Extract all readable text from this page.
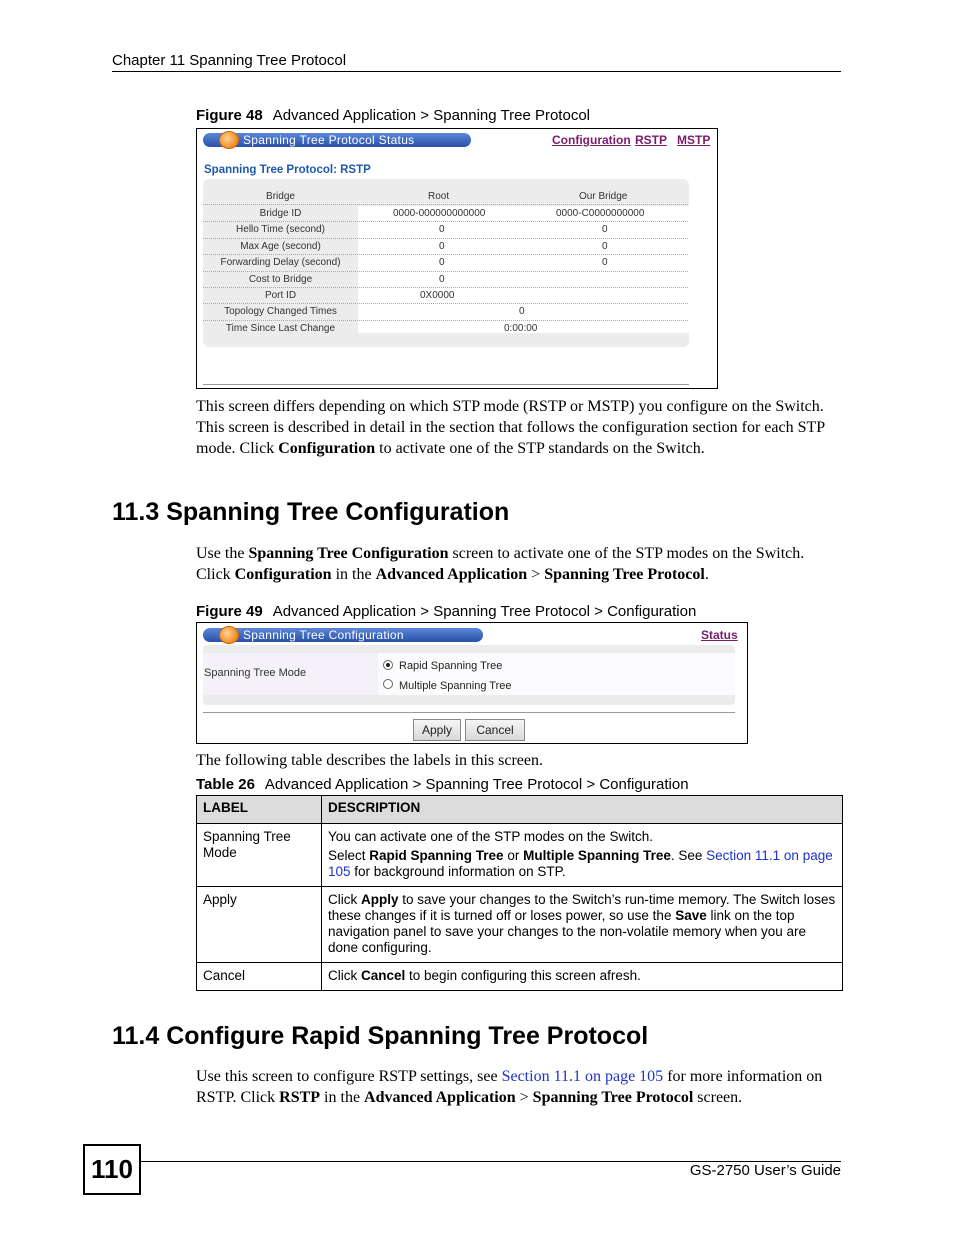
Chapter 11 Spanning Tree Protocol
Figure 48 Advanced Application > Spanning Tree Protocol
Spanning Tree Protocol Status	Configuration RSTP MSTP
Spanning Tree Protocol: RSTP
Bridge	Root	Our Bridge
Bridge ID	0000-000000000000	0000-C0000000000
Hello Time (second)	0	0
Max Age (second)	0	0
Forwarding Delay (second)	0	0
Cost to Bridge	0
Port ID	0X0000
Topology Changed Times	0
Time Since Last Change	0:00:00
This screen differs depending on which STP mode (RSTP or MSTP) you configure on the Switch. This screen is described in detail in the section that follows the configuration section for each STP mode. Click Configuration to activate one of the STP standards on the Switch.
11.3 Spanning Tree Configuration
Use the Spanning Tree Configuration screen to activate one of the STP modes on the Switch. Click Configuration in the Advanced Application > Spanning Tree Protocol.
Figure 49 Advanced Application > Spanning Tree Protocol > Configuration
Spanning Tree Configuration	Status
Spanning Tree Mode
Rapid Spanning Tree
Multiple Spanning Tree
Apply	Cancel
The following table describes the labels in this screen.
Table 26 Advanced Application > Spanning Tree Protocol > Configuration
LABEL	DESCRIPTION
Spanning Tree Mode	You can activate one of the STP modes on the Switch.

Select Rapid Spanning Tree or Multiple Spanning Tree. See Section 11.1 on page 105 for background information on STP.

Apply	Click Apply to save your changes to the Switch’s run-time memory. The Switch loses these changes if it is turned off or loses power, so use the Save link on the top navigation panel to save your changes to the non-volatile memory when you are done configuring.
Cancel	Click Cancel to begin configuring this screen afresh.
11.4 Configure Rapid Spanning Tree Protocol
Use this screen to configure RSTP settings, see Section 11.1 on page 105 for more information on RSTP. Click RSTP in the Advanced Application > Spanning Tree Protocol screen.
110	GS-2750 User’s Guide
